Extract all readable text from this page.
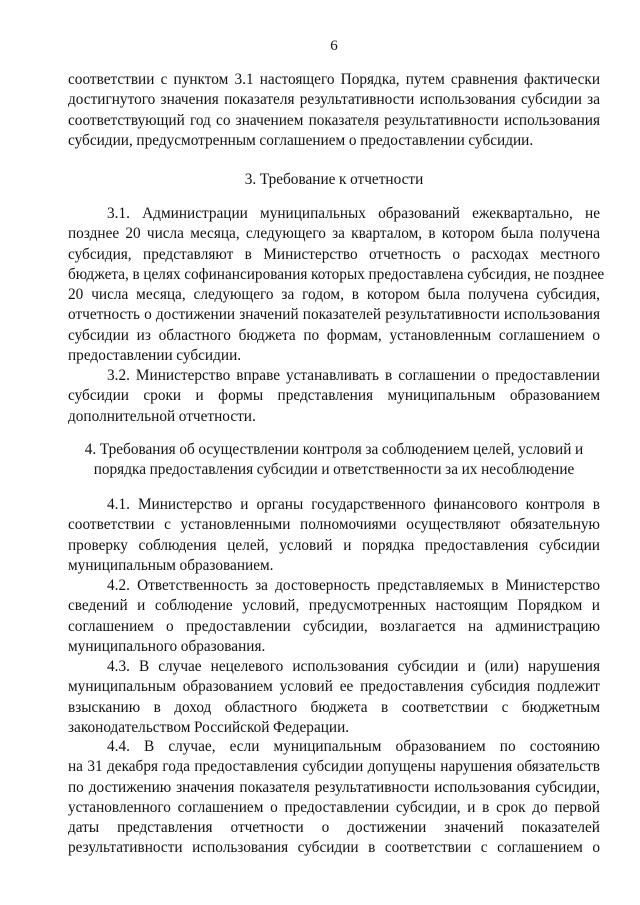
6
соответствии с пунктом 3.1 настоящего Порядка, путем сравнения фактически
достигнутого значения показателя результативности использования субсидии за
соответствующий год со значением показателя результативности использования
субсидии, предусмотренным соглашением о предоставлении субсидии.
3. Требование к отчетности
3.1. Администрации муниципальных образований ежеквартально, не
позднее 20 числа месяца, следующего за кварталом, в котором была получена
субсидия, представляют в Министерство отчетность о расходах местного
бюджета, в целях софинансирования которых предоставлена субсидия, не позднее
20 числа месяца, следующего за годом, в котором была получена субсидия,
отчетность о достижении значений показателей результативности использования
субсидии из областного бюджета по формам, установленным соглашением о
предоставлении субсидии.
3.2. Министерство вправе устанавливать в соглашении о предоставлении
субсидии сроки и формы представления муниципальным образованием
дополнительной отчетности.
4. Требования об осуществлении контроля за соблюдением целей, условий и
порядка предоставления субсидии и ответственности за их несоблюдение
4.1. Министерство и органы государственного финансового контроля в
соответствии с установленными полномочиями осуществляют обязательную
проверку соблюдения целей, условий и порядка предоставления субсидии
муниципальным образованием.
4.2. Ответственность за достоверность представляемых в Министерство
сведений и соблюдение условий, предусмотренных настоящим Порядком и
соглашением о предоставлении субсидии, возлагается на администрацию
муниципального образования.
4.3. В случае нецелевого использования субсидии и (или) нарушения
муниципальным образованием условий ее предоставления субсидия подлежит
взысканию в доход областного бюджета в соответствии с бюджетным
законодательством Российской Федерации.
4.4. В случае, если муниципальным образованием по состоянию
на 31 декабря года предоставления субсидии допущены нарушения обязательств
по достижению значения показателя результативности использования субсидии,
установленного соглашением о предоставлении субсидии, и в срок до первой
даты представления отчетности о достижении значений показателей
результативности использования субсидии в соответствии с соглашением о
